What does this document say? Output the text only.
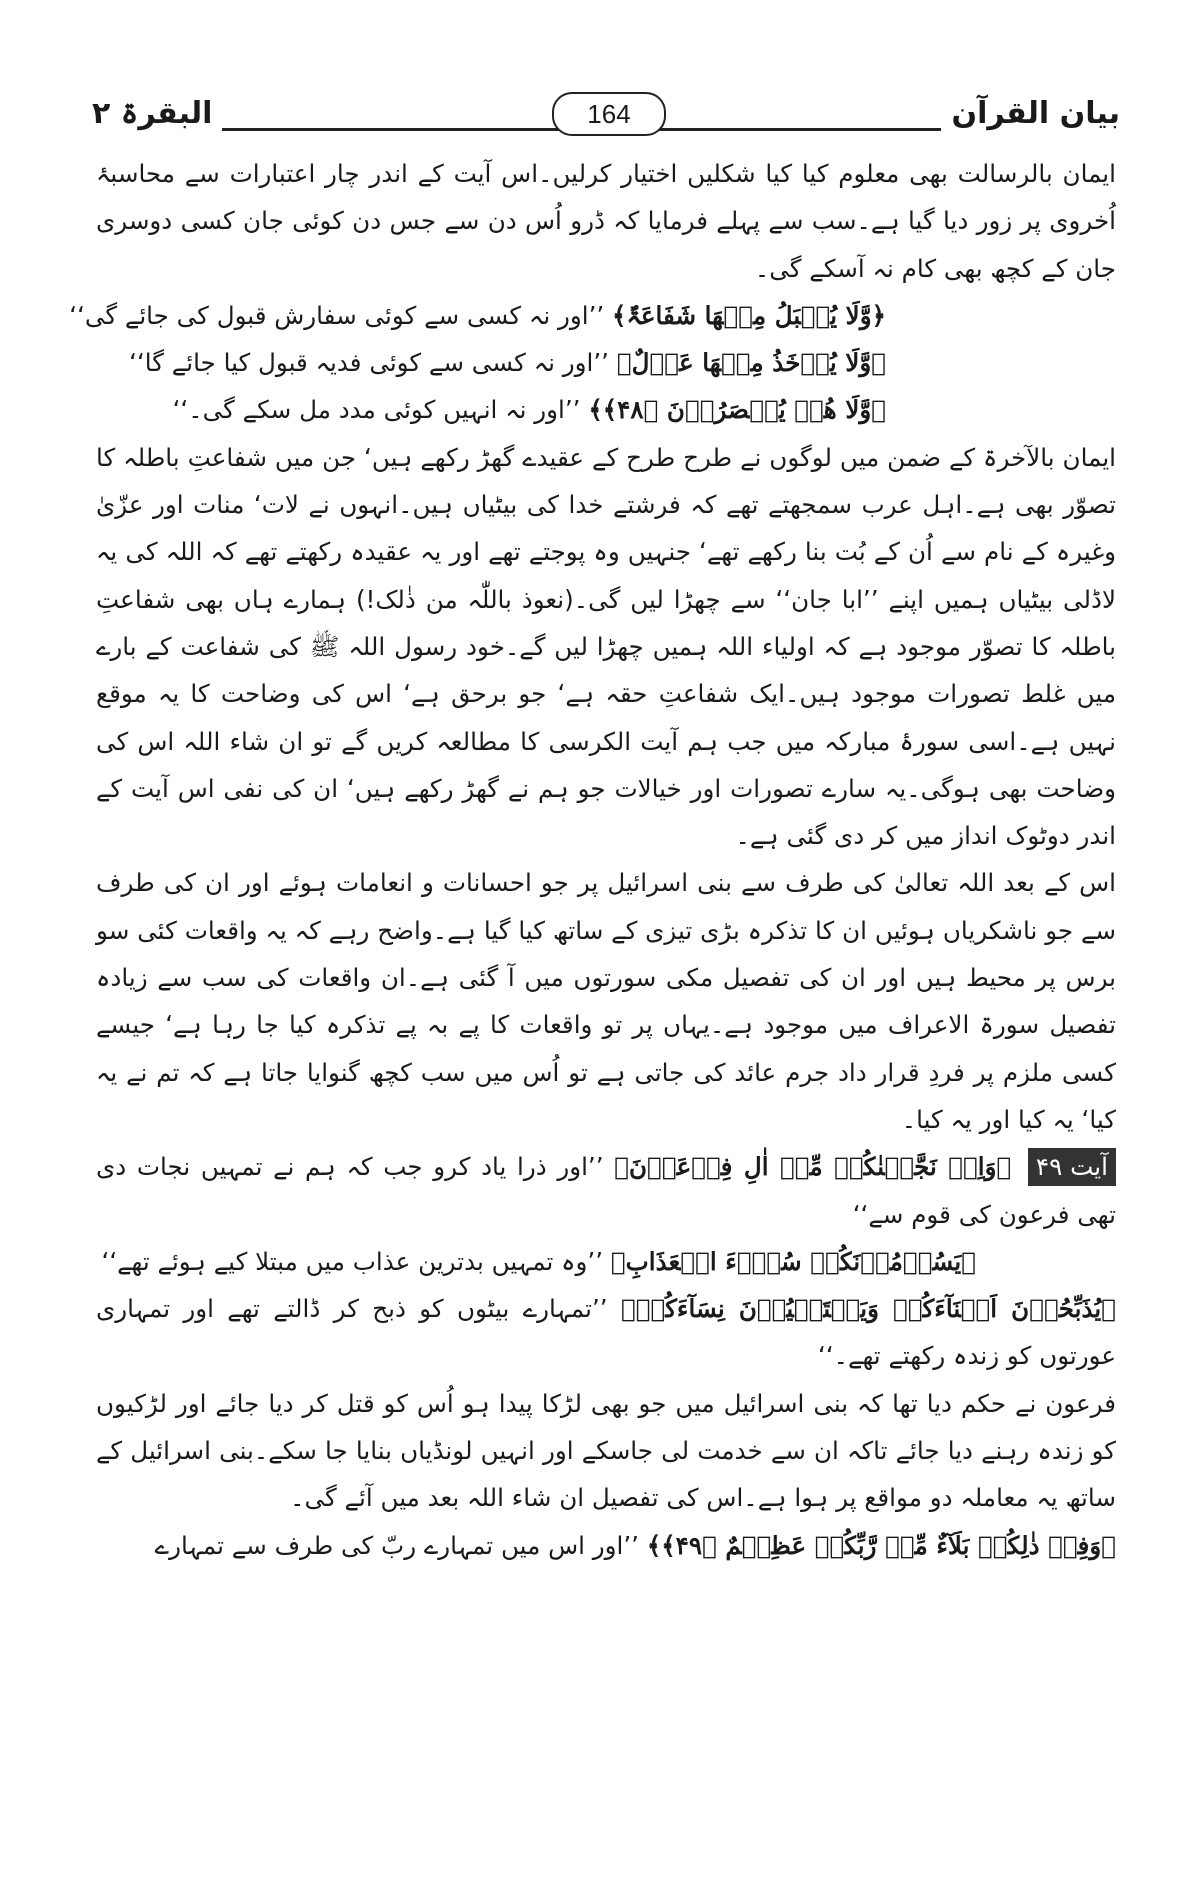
بیان القرآن
164
البقرۃ ۲

ایمان بالرسالت بھی معلوم کیا کیا شکلیں اختیار کرلیں۔اس آیت کے اندر چار اعتبارات سے محاسبۂ اُخروی پر زور دیا گیا ہے۔سب سے پہلے فرمایا کہ ڈرو اُس دن سے جس دن کوئی جان کسی دوسری جان کے کچھ بھی کام نہ آسکے گی۔

﴿وَّلَا یُقۡبَلُ مِنۡھَا شَفَاعَۃٌ﴾ ’’اور نہ کسی سے کوئی سفارش قبول کی جائے گی‘‘

﴿وَّلَا یُؤۡخَذُ مِنۡھَا عَدۡلٌ﴾ ’’اور نہ کسی سے کوئی فدیہ قبول کیا جائے گا‘‘

﴿وَّلَا ھُمۡ یُنۡصَرُوۡنَ ﴿۴۸﴾﴾ ’’اور نہ انہیں کوئی مدد مل سکے گی۔‘‘

ایمان بالآخرۃ کے ضمن میں لوگوں نے طرح طرح کے عقیدے گھڑ رکھے ہیں‘ جن میں شفاعتِ باطلہ کا تصوّر بھی ہے۔اہل عرب سمجھتے تھے کہ فرشتے خدا کی بیٹیاں ہیں۔انہوں نے لات‘ منات اور عزّیٰ وغیرہ کے نام سے اُن کے بُت بنا رکھے تھے‘ جنہیں وہ پوجتے تھے اور یہ عقیدہ رکھتے تھے کہ اللہ کی یہ لاڈلی بیٹیاں ہمیں اپنے ’’ابا جان‘‘ سے چھڑا لیں گی۔(نعوذ باللّٰہ من ذٰلک!) ہمارے ہاں بھی شفاعتِ باطلہ کا تصوّر موجود ہے کہ اولیاء اللہ ہمیں چھڑا لیں گے۔خود رسول اللہ ﷺ کی شفاعت کے بارے میں غلط تصورات موجود ہیں۔ایک شفاعتِ حقہ ہے‘ جو برحق ہے‘ اس کی وضاحت کا یہ موقع نہیں ہے۔اسی سورۂ مبارکہ میں جب ہم آیت الکرسی کا مطالعہ کریں گے تو ان شاء اللہ اس کی وضاحت بھی ہوگی۔یہ سارے تصورات اور خیالات جو ہم نے گھڑ رکھے ہیں‘ ان کی نفی اس آیت کے اندر دوٹوک انداز میں کر دی گئی ہے۔

اس کے بعد اللہ تعالیٰ کی طرف سے بنی اسرائیل پر جو احسانات و انعامات ہوئے اور ان کی طرف سے جو ناشکریاں ہوئیں ان کا تذکرہ بڑی تیزی کے ساتھ کیا گیا ہے۔واضح رہے کہ یہ واقعات کئی سو برس پر محیط ہیں اور ان کی تفصیل مکی سورتوں میں آ گئی ہے۔ان واقعات کی سب سے زیادہ تفصیل سورۃ الاعراف میں موجود ہے۔یہاں پر تو واقعات کا پے بہ پے تذکرہ کیا جا رہا ہے‘ جیسے کسی ملزم پر فردِ قرار داد جرم عائد کی جاتی ہے تو اُس میں سب کچھ گنوایا جاتا ہے کہ تم نے یہ کیا‘ یہ کیا اور یہ کیا۔

آیت ۴۹ ﴿وَاِذۡ نَجَّیۡنٰکُمۡ مِّنۡ اٰلِ فِرۡعَوۡنَ﴾ ’’اور ذرا یاد کرو جب کہ ہم نے تمہیں نجات دی تھی فرعون کی قوم سے‘‘

﴿یَسُوۡمُوۡنَکُمۡ سُوۡٓءَ الۡعَذَابِ﴾ ’’وہ تمہیں بدترین عذاب میں مبتلا کیے ہوئے تھے‘‘

﴿یُذَبِّحُوۡنَ اَبۡنَآءَکُمۡ وَیَسۡتَحۡیُوۡنَ نِسَآءَکُمۡ﴾ ’’تمہارے بیٹوں کو ذبح کر ڈالتے تھے اور تمہاری عورتوں کو زندہ رکھتے تھے۔‘‘

فرعون نے حکم دیا تھا کہ بنی اسرائیل میں جو بھی لڑکا پیدا ہو اُس کو قتل کر دیا جائے اور لڑکیوں کو زندہ رہنے دیا جائے تاکہ ان سے خدمت لی جاسکے اور انہیں لونڈیاں بنایا جا سکے۔بنی اسرائیل کے ساتھ یہ معاملہ دو مواقع پر ہوا ہے۔اس کی تفصیل ان شاء اللہ بعد میں آئے گی۔

﴿وَفِیۡ ذٰلِکُمۡ بَلَآءٌ مِّنۡ رَّبِّکُمۡ عَظِیۡمٌ ﴿۴۹﴾﴾ ’’اور اس میں تمہارے ربّ کی طرف سے تمہارے
